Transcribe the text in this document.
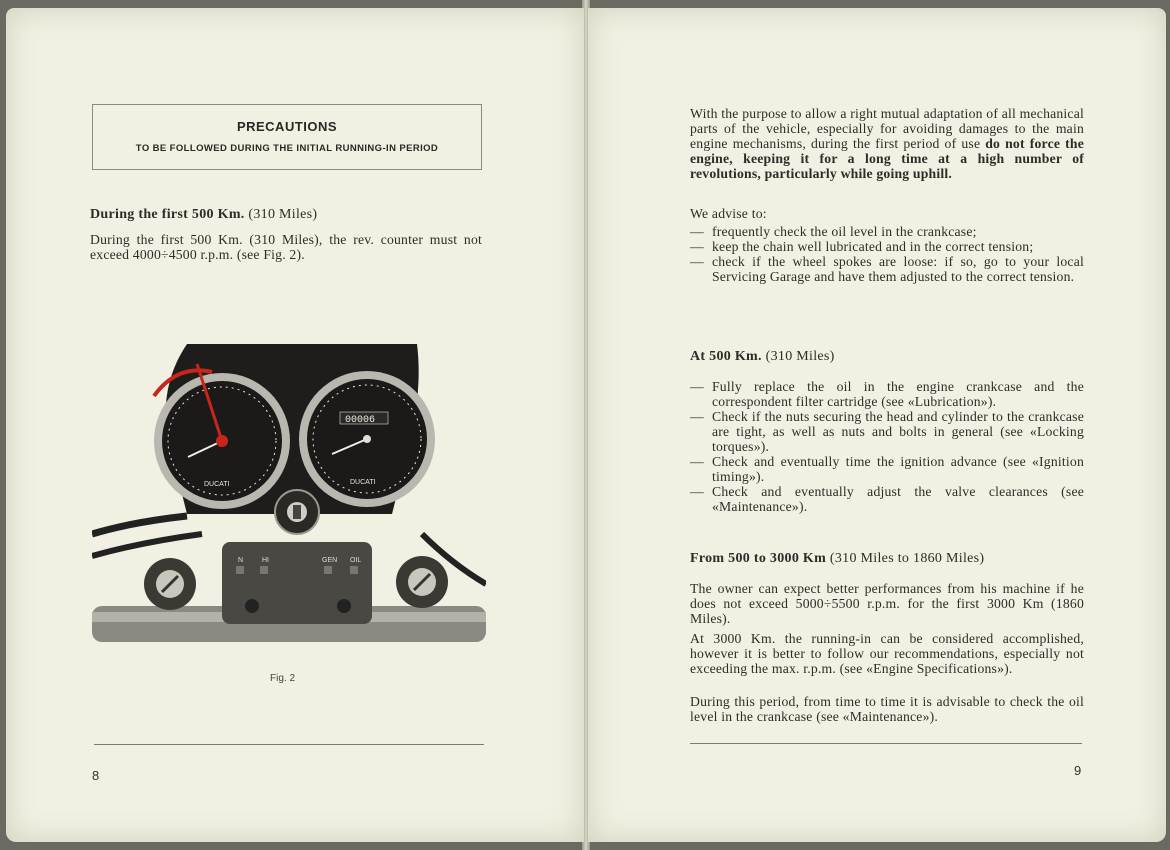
PRECAUTIONS
TO BE FOLLOWED DURING THE INITIAL RUNNING-IN PERIOD
During the first 500 Km. (310 Miles)
During the first 500 Km. (310 Miles), the rev. counter must not exceed 4000÷4500 r.p.m. (see Fig. 2).
DUCATI
00006
DUCATI
N	HI	GEN OIL
Fig. 2
8
With the purpose to allow a right mutual adaptation of all mechanical parts of the vehicle, especially for avoiding damages to the main engine mechanisms, during the first period of use do not force the engine, keeping it for a long time at a high number of revolutions, particularly while going uphill.
We advise to:
— frequently check the oil level in the crankcase;
— keep the chain well lubricated and in the correct tension;
— check if the wheel spokes are loose: if so, go to your local Servicing Garage and have them adjusted to the correct tension.
At 500 Km. (310 Miles)
— Fully replace the oil in the engine crankcase and the correspondent filter cartridge (see «Lubrication»).
— Check if the nuts securing the head and cylinder to the crankcase are tight, as well as nuts and bolts in general (see «Locking torques»).
— Check and eventually time the ignition advance (see «Ignition timing»).
— Check and eventually adjust the valve clearances (see «Maintenance»).
From 500 to 3000 Km (310 Miles to 1860 Miles)
The owner can expect better performances from his machine if he does not exceed 5000÷5500 r.p.m. for the first 3000 Km (1860 Miles).
At 3000 Km. the running-in can be considered accomplished, however it is better to follow our recommendations, especially not exceeding the max. r.p.m. (see «Engine Specifications»).
During this period, from time to time it is advisable to check the oil level in the crankcase (see «Maintenance»).
9
